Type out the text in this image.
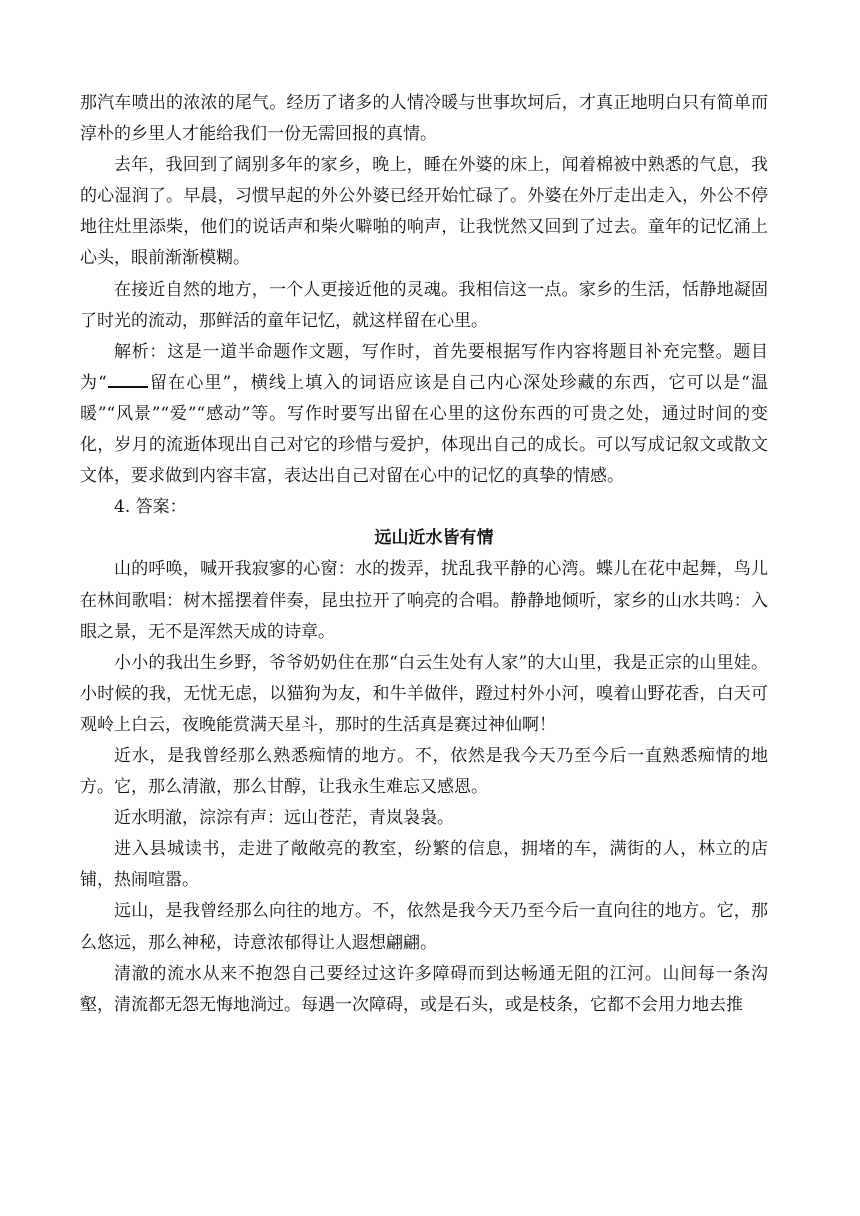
那汽车喷出的浓浓的尾气。经历了诸多的人情冷暖与世事坎坷后，才真正地明白只有简单而淳朴的乡里人才能给我们一份无需回报的真情。

去年，我回到了阔别多年的家乡，晚上，睡在外婆的床上，闻着棉被中熟悉的气息，我的心湿润了。早晨，习惯早起的外公外婆已经开始忙碌了。外婆在外厅走出走入，外公不停地往灶里添柴，他们的说话声和柴火噼啪的响声，让我恍然又回到了过去。童年的记忆涌上心头，眼前渐渐模糊。

在接近自然的地方，一个人更接近他的灵魂。我相信这一点。家乡的生活，恬静地凝固了时光的流动，那鲜活的童年记忆，就这样留在心里。

解析：这是一道半命题作文题，写作时，首先要根据写作内容将题目补充完整。题目为“ 留在心里”，横线上填入的词语应该是自己内心深处珍藏的东西，它可以是“温暖”“风景”“爱”“感动”等。写作时要写出留在心里的这份东西的可贵之处，通过时间的变化，岁月的流逝体现出自己对它的珍惜与爱护，体现出自己的成长。可以写成记叙文或散文文体，要求做到内容丰富，表达出自己对留在心中的记忆的真挚的情感。

4. 答案：

远山近水皆有情

山的呼唤，喊开我寂寥的心窗：水的拨弄，扰乱我平静的心湾。蝶儿在花中起舞，鸟儿在林间歌唱：树木摇摆着伴奏，昆虫拉开了响亮的合唱。静静地倾听，家乡的山水共鸣：入眼之景，无不是浑然天成的诗章。

小小的我出生乡野，爷爷奶奶住在那“白云生处有人家”的大山里，我是正宗的山里娃。小时候的我，无忧无虑，以猫狗为友，和牛羊做伴，蹬过村外小河，嗅着山野花香，白天可观岭上白云，夜晚能赏满天星斗，那时的生活真是赛过神仙啊！

近水，是我曾经那么熟悉痴情的地方。不，依然是我今天乃至今后一直熟悉痴情的地方。它，那么清澈，那么甘醇，让我永生难忘又感恩。

近水明澈，淙淙有声：远山苍茫，青岚袅袅。

进入县城读书，走进了敞敞亮的教室，纷繁的信息，拥堵的车，满街的人，林立的店铺，热闹喧嚣。

远山，是我曾经那么向往的地方。不，依然是我今天乃至今后一直向往的地方。它，那么悠远，那么神秘，诗意浓郁得让人遐想翩翩。

清澈的流水从来不抱怨自己要经过这许多障碍而到达畅通无阻的江河。山间每一条沟壑，清流都无怨无悔地淌过。每遇一次障碍，或是石头，或是枝条，它都不会用力地去推
